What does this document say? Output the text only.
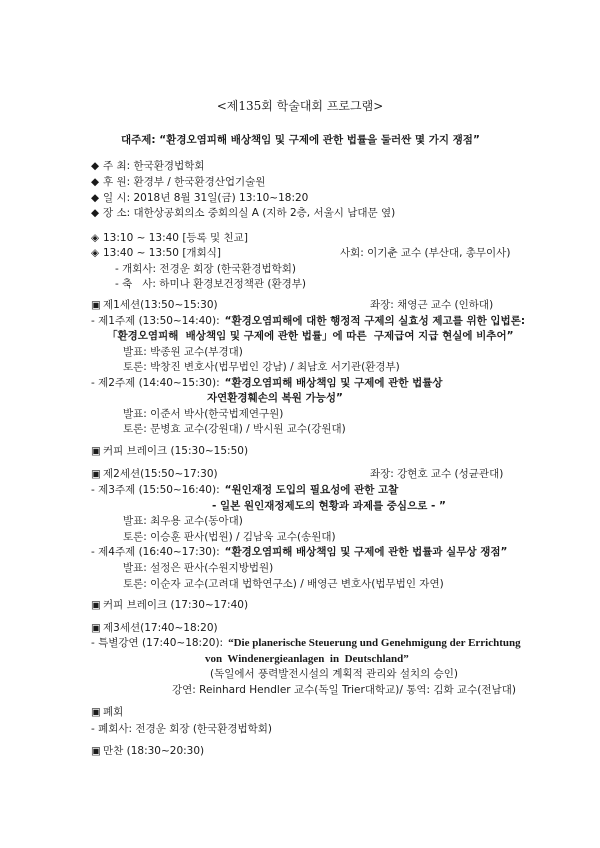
<제135회 학술대회 프로그램>
대주제: “환경오염피해 배상책임 및 구제에 관한 법률을 둘러싼 몇 가지 쟁점”
◆ 주 최: 한국환경법학회
◆ 후 원: 환경부 / 한국환경산업기술원
◆ 일 시: 2018년 8월 31일(금) 13:10~18:20
◆ 장 소: 대한상공회의소 중회의실 A (지하 2층, 서울시 남대문 옆)
◈ 13:10 ~ 13:40 [등록 및 친교]
◈ 13:40 ~ 13:50 [개회식]	사회: 이기춘 교수 (부산대, 총무이사)
- 개회사: 전경운 회장 (한국환경법학회)
- 축   사: 하미나 환경보건정책관 (환경부)
▣ 제1세션(13:50~15:30)	좌장: 채영근 교수 (인하대)
- 제1주제 (13:50~14:40): “환경오염피해에 대한 행정적 구제의 실효성 제고를 위한 입법론:
「환경오염피해  배상책임 및 구제에 관한 법률」에 따른  구제급여 지급 현실에 비추어”
발표: 박종원 교수(부경대)
토론: 박창진 변호사(법무법인 강남) / 최남호 서기관(환경부)
- 제2주제 (14:40~15:30): “환경오염피해 배상책임 및 구제에 관한 법률상
자연환경훼손의 복원 가능성”
발표: 이준서 박사(한국법제연구원)
토론: 문병효 교수(강원대) / 박시원 교수(강원대)
▣ 커피 브레이크 (15:30~15:50)
▣ 제2세션(15:50~17:30)	좌장: 강현호 교수 (성균관대)
- 제3주제 (15:50~16:40): “원인재정 도입의 필요성에 관한 고찰
- 일본 원인재정제도의 현황과 과제를 중심으로 - ”
발표: 최우용 교수(동아대)
토론: 이승훈 판사(법원) / 김남욱 교수(송원대)
- 제4주제 (16:40~17:30): “환경오염피해 배상책임 및 구제에 관한 법률과 실무상 쟁점”
발표: 설정은 판사(수원지방법원)
토론: 이순자 교수(고려대 법학연구소) / 배영근 변호사(법무법인 자연)
▣ 커피 브레이크 (17:30~17:40)
▣ 제3세션(17:40~18:20)
- 특별강연 (17:40~18:20): “Die planerische Steuerung und Genehmigung der Errichtung
von  Windenergieanlagen  in  Deutschland”
(독일에서 풍력발전시설의 계획적 관리와 설치의 승인)
강연: Reinhard Hendler 교수(독일 Trier대학교)/ 통역: 김화 교수(전남대)
▣ 폐회
- 폐회사: 전경운 회장 (한국환경법학회)
▣ 만찬 (18:30~20:30)
